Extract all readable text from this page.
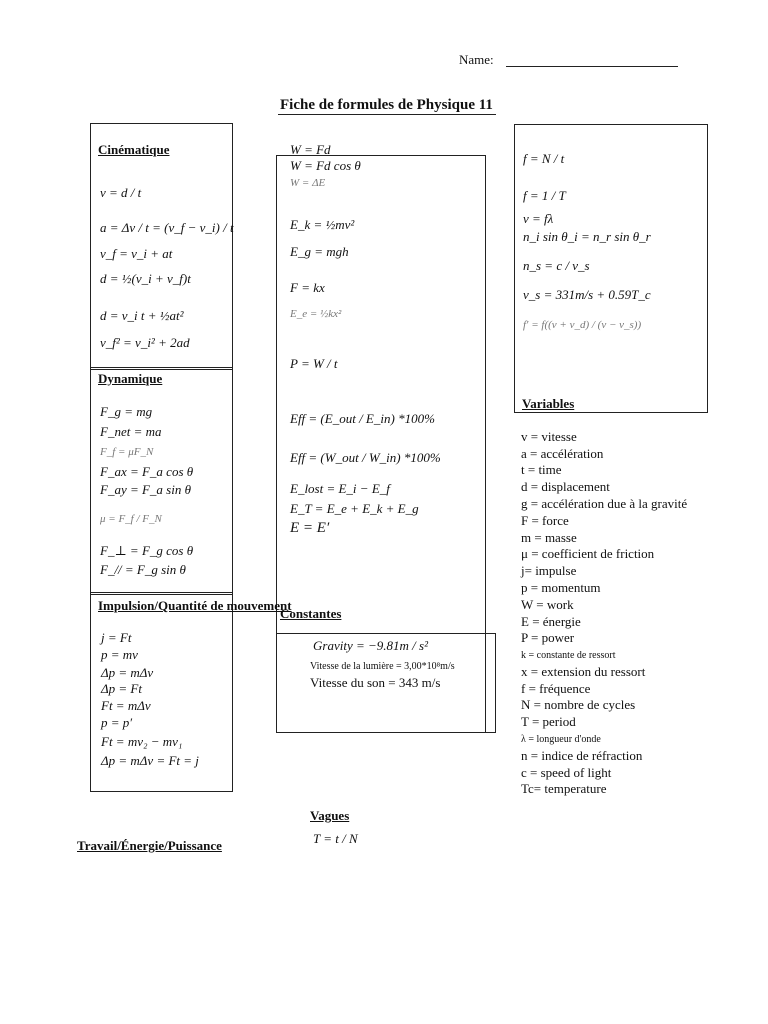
Name:
Fiche de formules de Physique 11
Cinématique
v = d / t
a = Δv / t = (v_f − v_i) / t
v_f = v_i + at
d = ½(v_i + v_f)t
d = v_i t + ½at²
v_f² = v_i² + 2ad
Dynamique
F_g = mg
F_net = ma
F_f = μF_N
F_ax = F_a cos θ
F_ay = F_a sin θ
μ = F_f / F_N
F_⊥ = F_g cos θ
F_// = F_g sin θ
Impulsion/Quantité de mouvement
j = Ft
p = mv
Δp = mΔv
Δp = Ft
Ft = mΔv
p = p′
Ft = mv₂ − mv₁
Δp = mΔv = Ft = j
W = Fd
W = Fd cos θ
W = ΔE
E_k = ½mv²
E_g = mgh
F = kx
E_e = ½kx²
P = W / t
Eff = (E_out / E_in) *100%
Eff = (W_out / W_in) *100%
E_lost = E_i − E_f
E_T = E_e + E_k + E_g
E = E′
Constantes
Gravity = −9.81m / s²
Vitesse de la lumière = 3,00*10⁸m/s
Vitesse du son = 343 m/s
f = N / t
f = 1 / T
v = fλ
n_i sin θ_i = n_r sin θ_r
n_s = c / v_s
v_s = 331m/s + 0.59T_c
f′ = f((v + v_d) / (v − v_s))
Variables
v = vitesse
a = accélération
t = time
d = displacement
g = accélération due à la gravité
F = force
m = masse
μ = coefficient de friction
j= impulse
p = momentum
W = work
E = énergie
P = power
k = constante de ressort
x = extension du ressort
f = fréquence
N = nombre de cycles
T = period
λ = longueur d'onde
n = indice de réfraction
c = speed of light
Tc= temperature
Vagues
T = t / N
Travail/Énergie/Puissance
